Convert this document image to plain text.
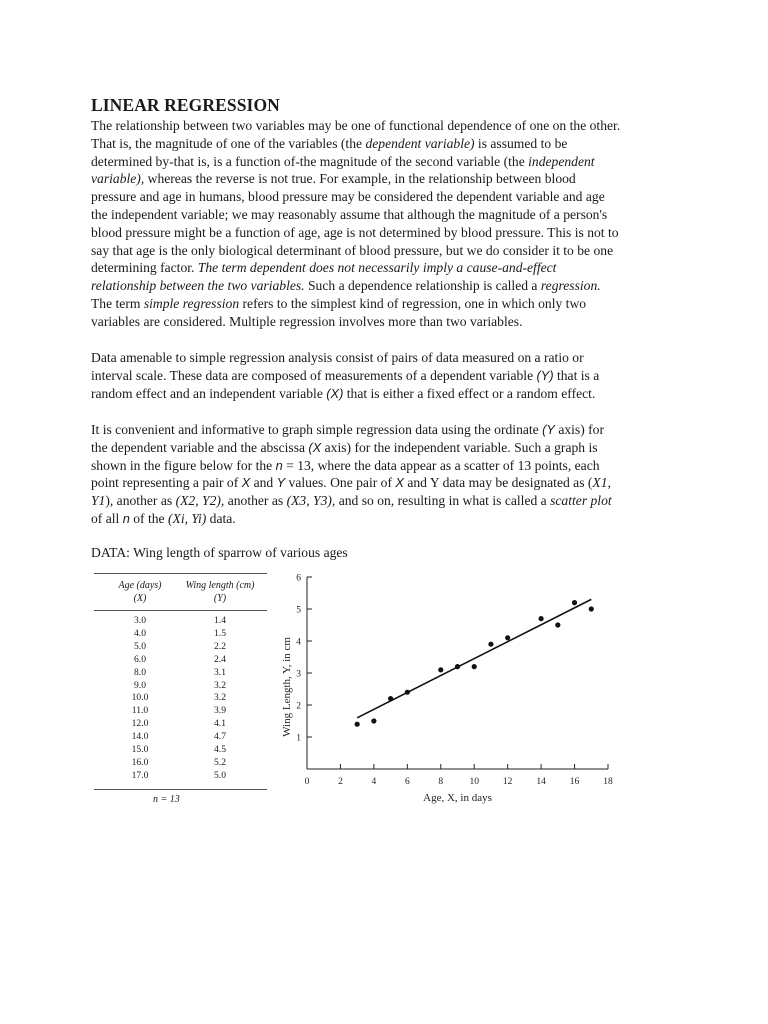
LINEAR REGRESSION

The relationship between two variables may be one of functional dependence of one on the other.
That is, the magnitude of one of the variables (the dependent variable) is assumed to be
determined by-that is, is a function of-the magnitude of the second variable (the independent
variable), whereas the reverse is not true. For example, in the relationship between blood
pressure and age in humans, blood pressure may be considered the dependent variable and age
the independent variable; we may reasonably assume that although the magnitude of a person's
blood pressure might be a function of age, age is not determined by blood pressure. This is not to
say that age is the only biological determinant of blood pressure, but we do consider it to be one
determining factor. The term dependent does not necessarily imply a cause-and-effect
relationship between the two variables. Such a dependence relationship is called a regression.
The term simple regression refers to the simplest kind of regression, one in which only two
variables are considered. Multiple regression involves more than two variables.

Data amenable to simple regression analysis consist of pairs of data measured on a ratio or
interval scale. These data are composed of measurements of a dependent variable (Y) that is a
random effect and an independent variable (X) that is either a fixed effect or a random effect.

It is convenient and informative to graph simple regression data using the ordinate (Y axis) for
the dependent variable and the abscissa (X axis) for the independent variable. Such a graph is
shown in the figure below for the n = 13, where the data appear as a scatter of 13 points, each
point representing a pair of X and Y values. One pair of X and Y data may be designated as (X1,
Y1), another as (X2, Y2), another as (X3, Y3), and so on, resulting in what is called a scatter plot
of all n of the (Xi, Yi) data.

DATA: Wing length of sparrow of various ages
Age (days)
(X)
Wing length (cm)
(Y)
3.0	1.4
4.0	1.5
5.0	2.2
6.0	2.4
8.0	3.1
9.0	3.2
10.0	3.2
11.0	3.9
12.0	4.1
14.0	4.7
15.0	4.5
16.0	5.2
17.0	5.0
n = 13
1
2
3
4
5
6
0	2	4	6	8	10	12	14	16	18
Age, X, in days
Wing Length, Y, in cm
